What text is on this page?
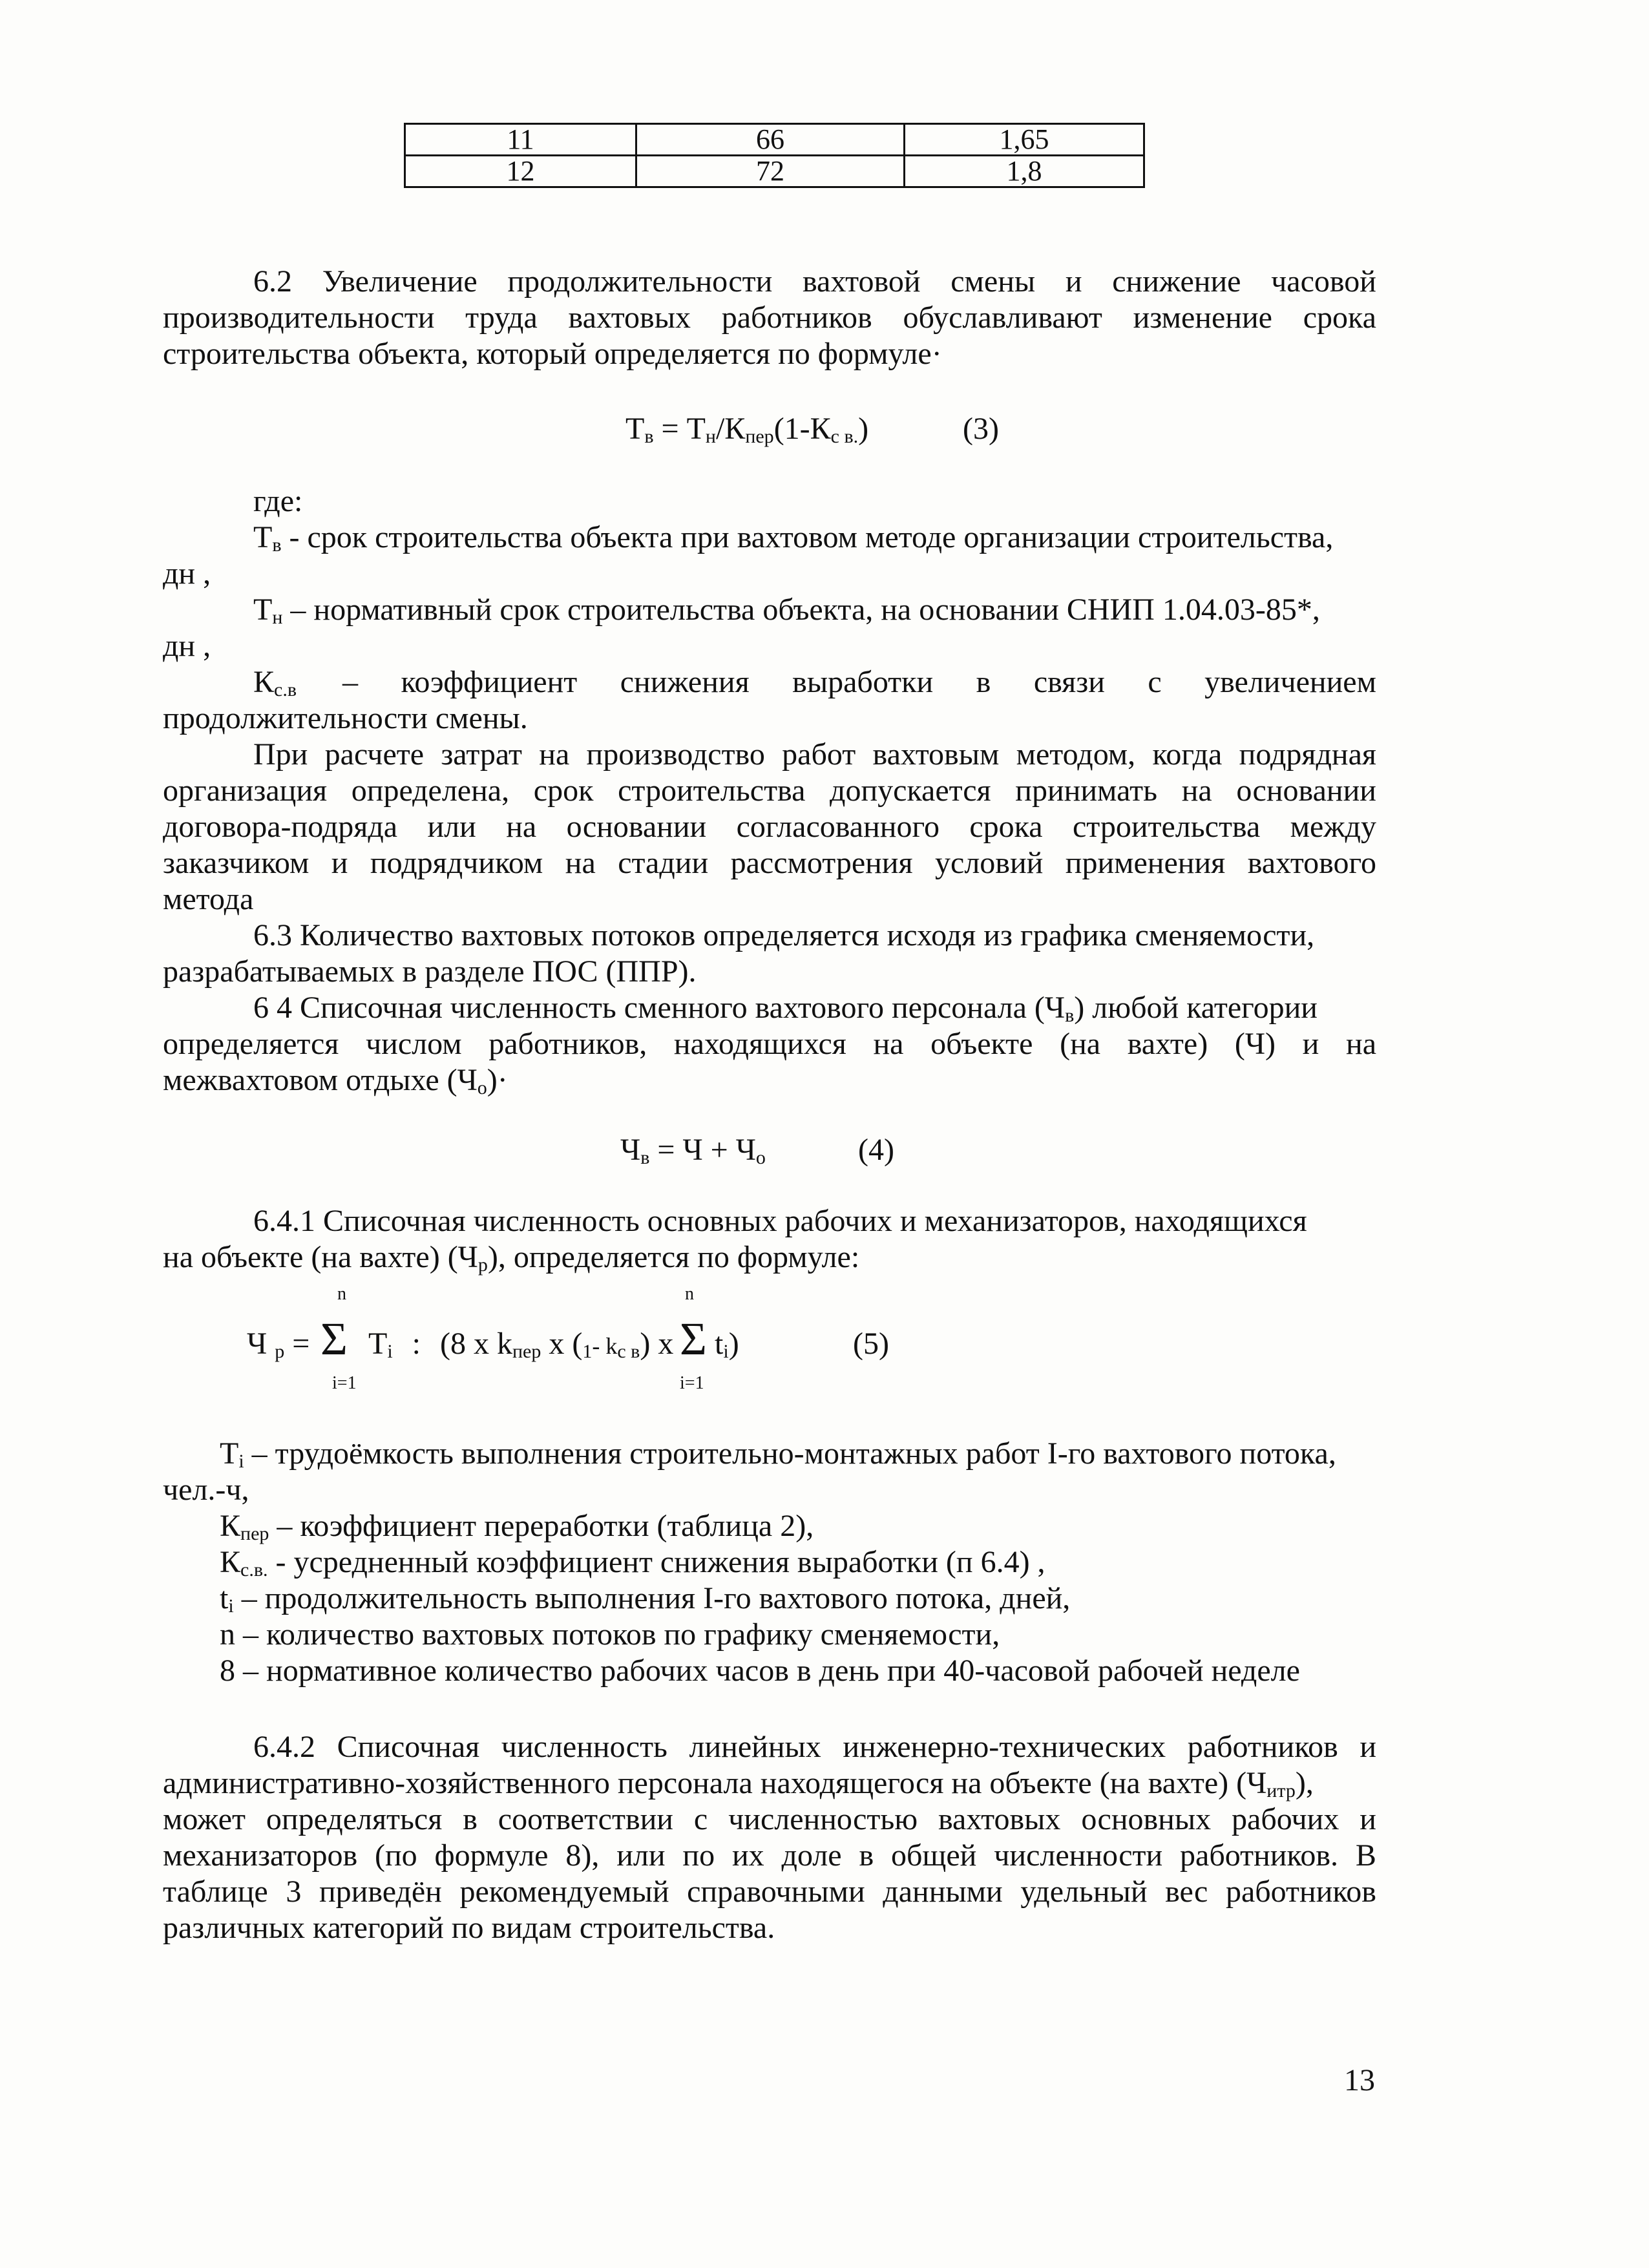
11	66	1,65
12	72	1,8
6.2 Увеличение продолжительности вахтовой смены и снижение часовой
производительности труда вахтовых работников обуславливают изменение срока
строительства объекта, который определяется по формуле·
$Т_в = Т_н/К_{пер}(1-К_{с в.})$	(3)
где:
$Т_в$ - срок строительства объекта при вахтовом методе организации строительства,
дн ,
$Т_н$ – нормативный срок строительства объекта, на основании СНИП 1.04.03-85*,
дн ,
$К_{с.в}$ – коэффициент снижения выработки в связи с увеличением
продолжительности смены.
При расчете затрат на производство работ вахтовым методом, когда подрядная
организация определена, срок строительства допускается принимать на основании
договора-подряда или на основании согласованного срока строительства между
заказчиком и подрядчиком на стадии рассмотрения условий применения вахтового
метода
6.3 Количество вахтовых потоков определяется исходя из графика сменяемости,
разрабатываемых в разделе ПОС (ППР).
6 4 Списочная численность сменного вахтового персонала $(Ч_в)$ любой категории
определяется числом работников, находящихся на объекте (на вахте) (Ч) и на
межвахтовом отдыхе $(Ч_о)\cdot$
$Ч_в = Ч + Ч_о$	(4)
6.4.1 Списочная численность основных рабочих и механизаторов, находящихся
на объекте (на вахте) $(Ч_р)$, определяется по формуле:
n	n
Ч $_р$ = Σ $Т_і$ : (8 x $k_{пер}$ x ($_1-$ $k_{с в}$) x Σ $t_і$)	(5)
і=1	і=1
$Т_і$ – трудоёмкость выполнения строительно-монтажных работ І-го вахтового потока,
чел.-ч,
$К_{пер}$ – коэффициент переработки (таблица 2),
$К_{с.в.}$ - усредненный коэффициент снижения выработки (п 6.4) ,
$t_і$ – продолжительность выполнения І-го вахтового потока, дней,
n – количество вахтовых потоков по графику сменяемости,
8 – нормативное количество рабочих часов в день при 40-часовой рабочей неделе
6.4.2 Списочная численность линейных инженерно-технических работников и
административно-хозяйственного персонала находящегося на объекте (на вахте) $(Ч_{итр})$,
может определяться в соответствии с численностью вахтовых основных рабочих и
механизаторов (по формуле 8), или по их доле в общей численности работников. В
таблице 3 приведён рекомендуемый справочными данными удельный вес работников
различных категорий по видам строительства.
13
